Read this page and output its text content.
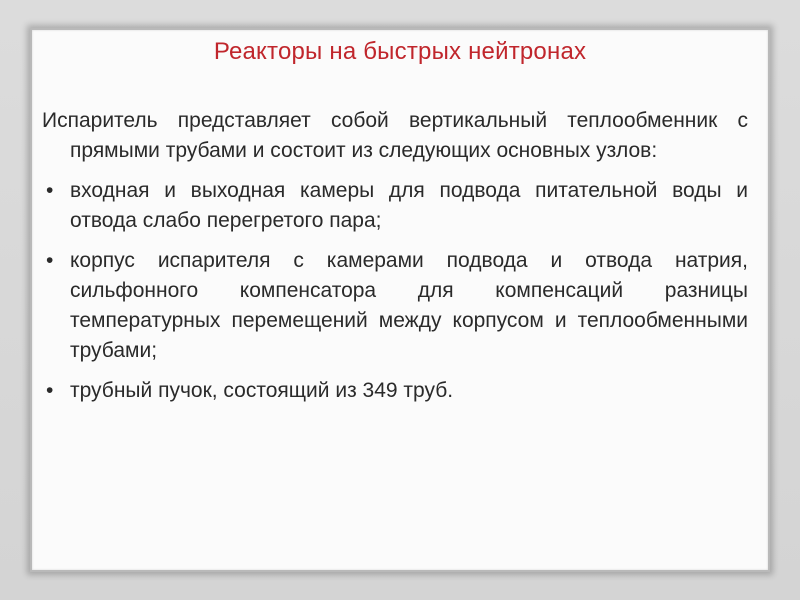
Реакторы на быстрых нейтронах

Испаритель представляет собой вертикальный теплообменник с прямыми трубами и состоит из следующих основных узлов:

• входная и выходная камеры для подвода питательной воды и отвода слабо перегретого пара;
• корпус испарителя с камерами подвода и отвода натрия, сильфонного компенсатора для компенсаций разницы температурных перемещений между корпусом и теплообменными трубами;
• трубный пучок, состоящий из 349 труб.
